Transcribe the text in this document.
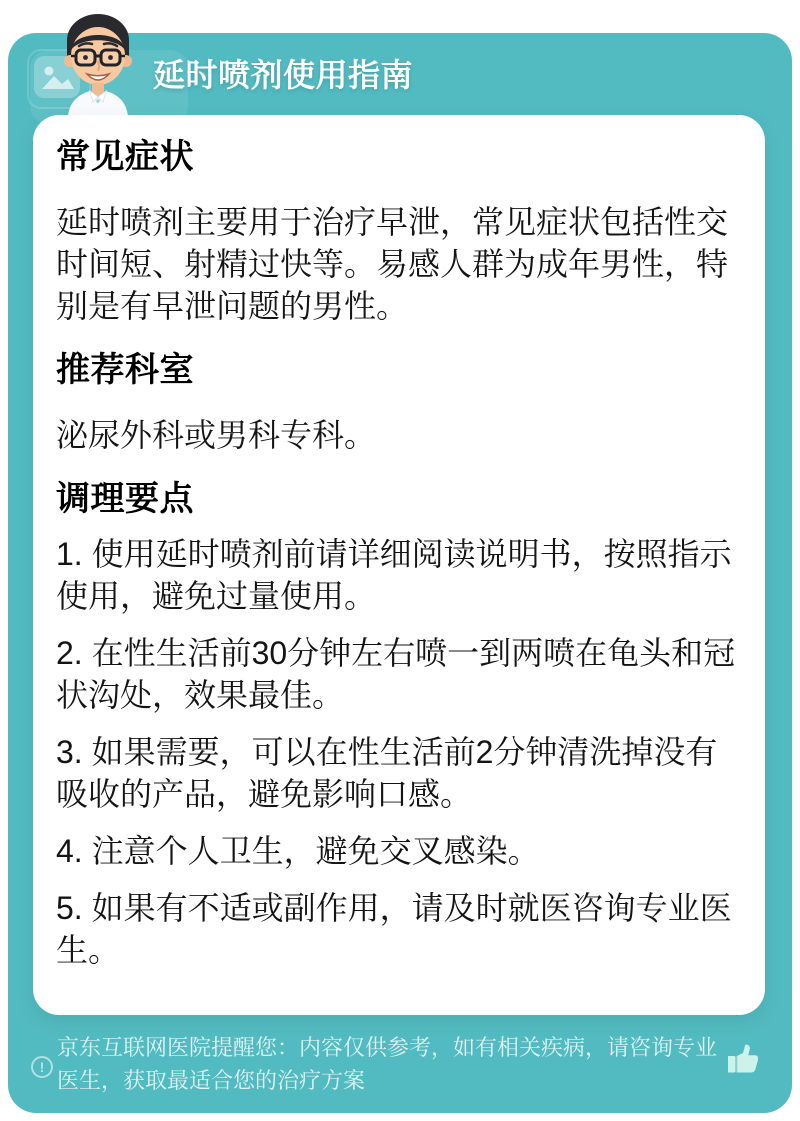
延时喷剂使用指南
常见症状

延时喷剂主要用于治疗早泄，常见症状包括性交时间短、射精过快等。易感人群为成年男性，特别是有早泄问题的男性。

推荐科室

泌尿外科或男科专科。

调理要点

1. 使用延时喷剂前请详细阅读说明书，按照指示使用，避免过量使用。

2. 在性生活前30分钟左右喷一到两喷在龟头和冠状沟处，效果最佳。

3. 如果需要，可以在性生活前2分钟清洗掉没有吸收的产品，避免影响口感。

4. 注意个人卫生，避免交叉感染。

5. 如果有不适或副作用，请及时就医咨询专业医生。

!
京东互联网医院提醒您：内容仅供参考，如有相关疾病，请咨询专业医生，获取最适合您的治疗方案
